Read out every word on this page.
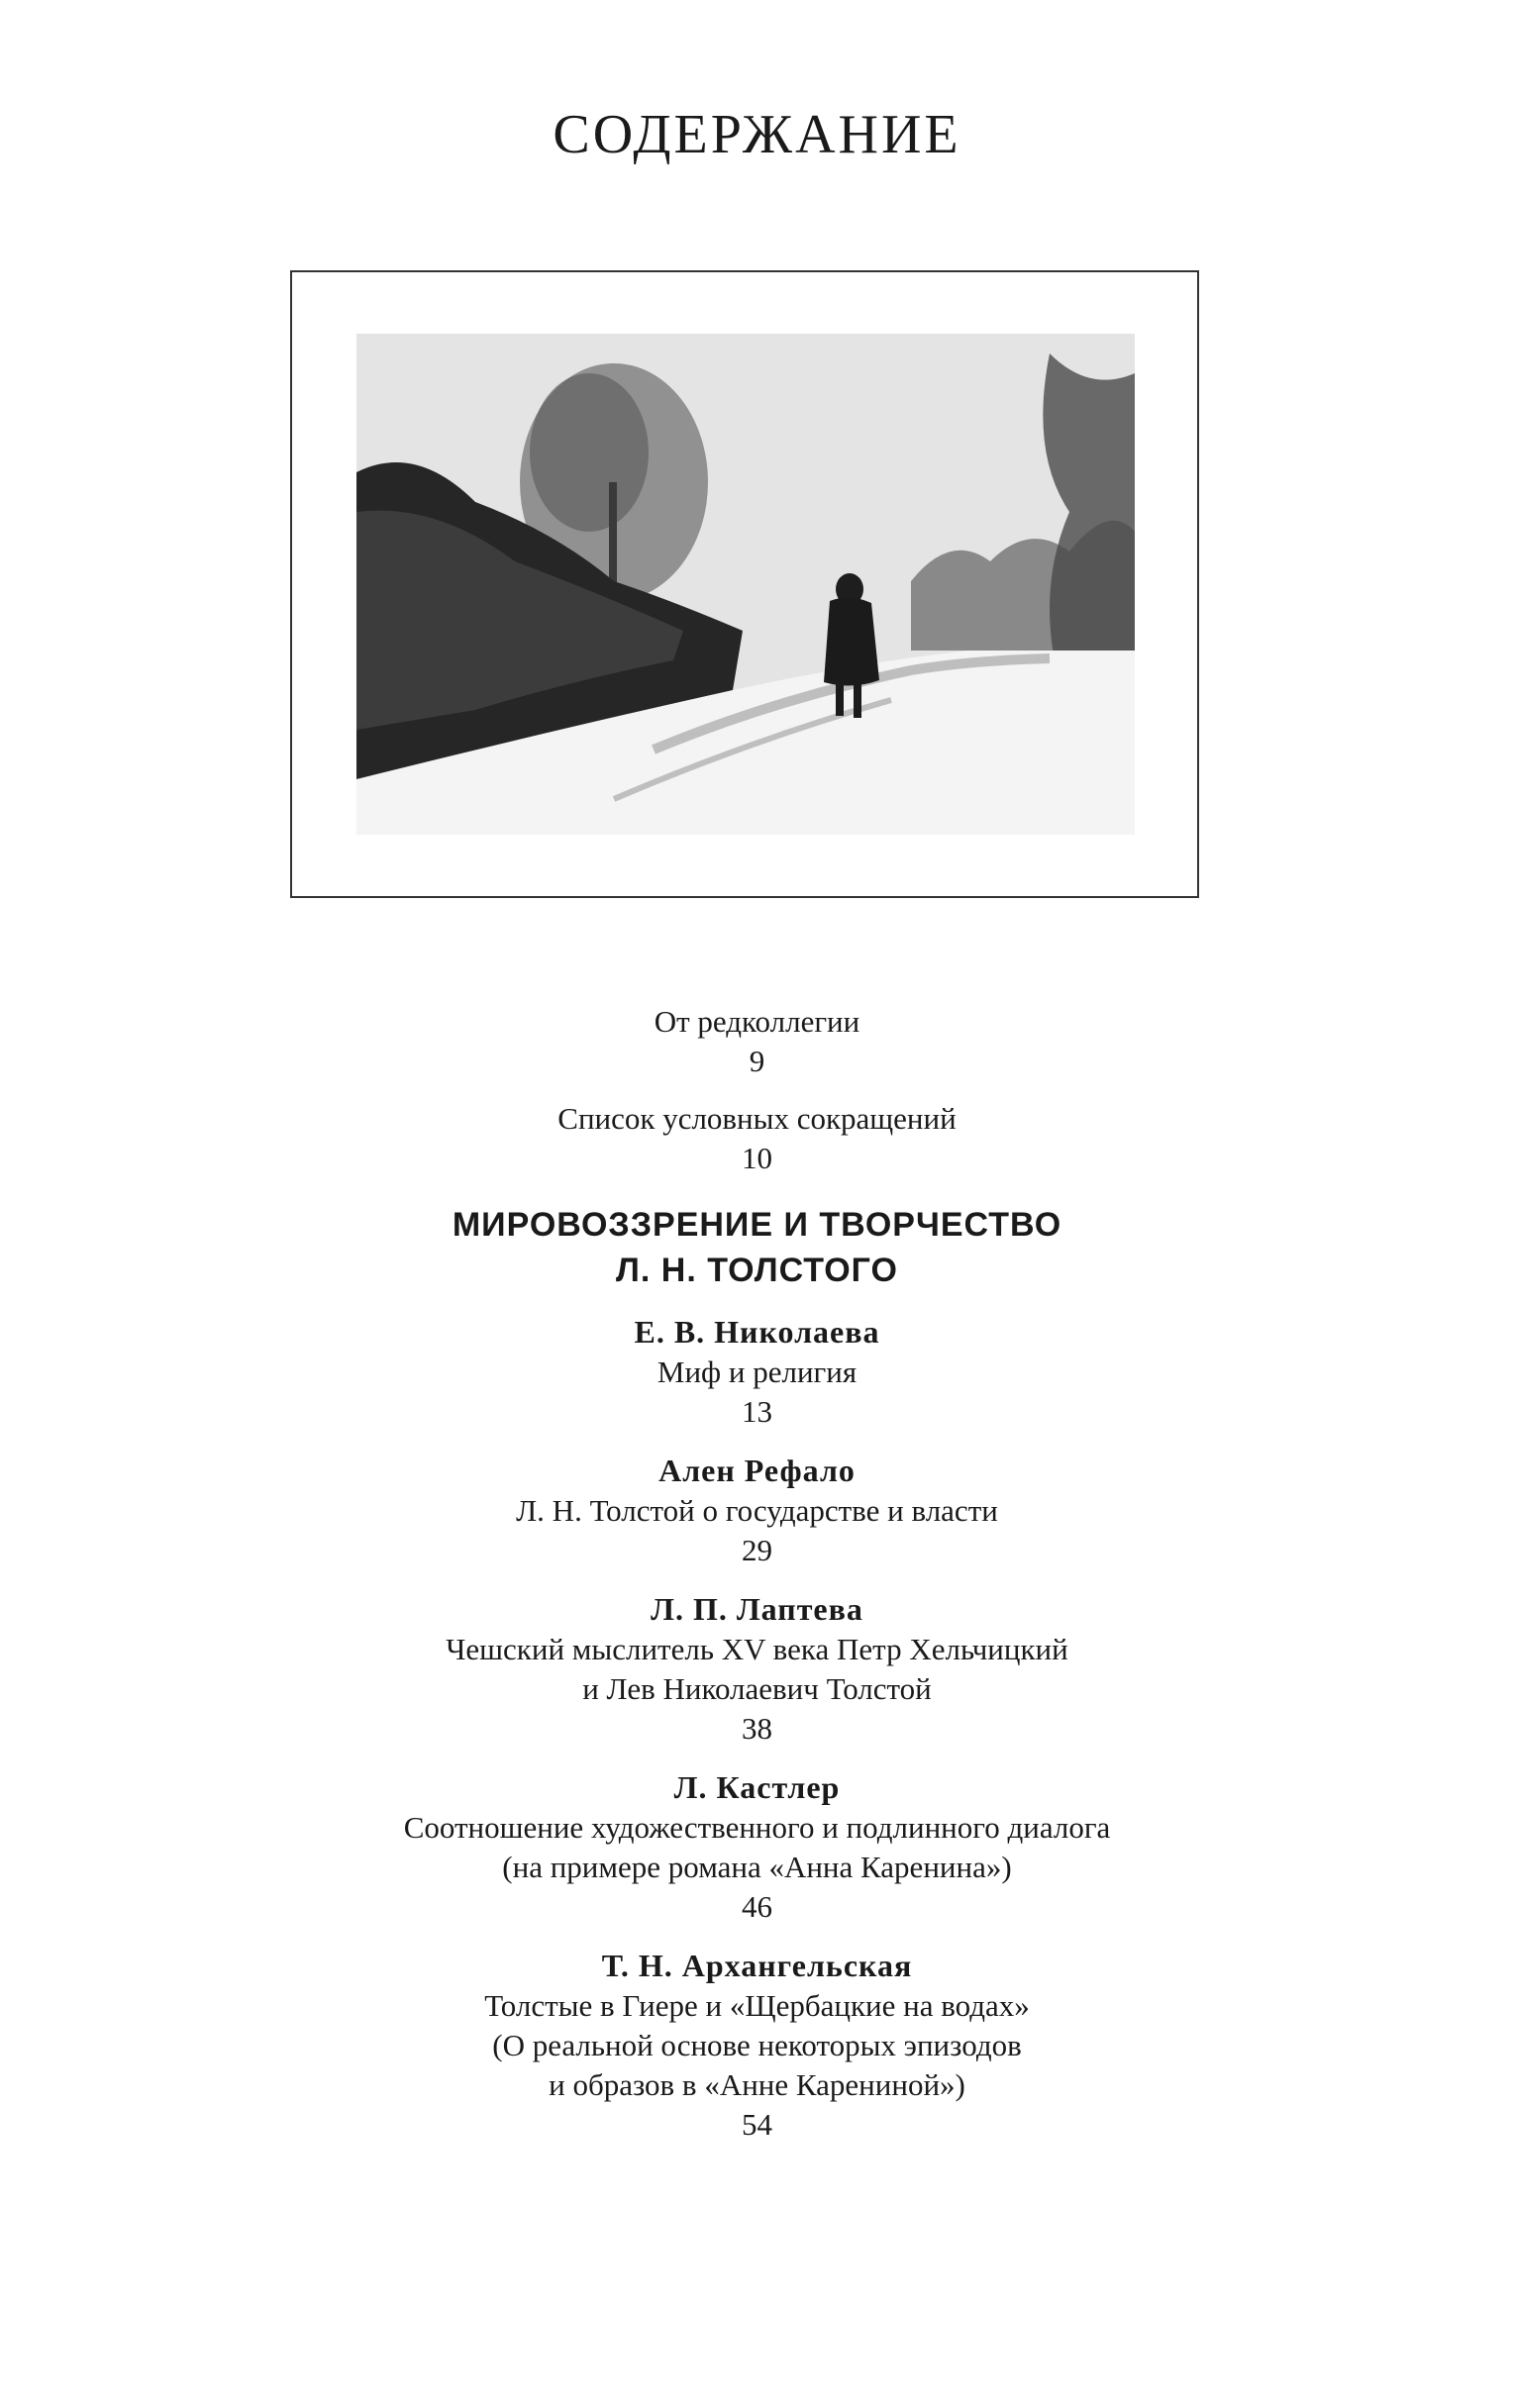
СОДЕРЖАНИЕ
От редколлегии
9
Список условных сокращений
10
МИРОВОЗЗРЕНИЕ И ТВОРЧЕСТВО
Л. Н. ТОЛСТОГО
Е. В. Николаева
Миф и религия
13
Ален Рефало
Л. Н. Толстой о государстве и власти
29
Л. П. Лаптева
Чешский мыслитель XV века Петр Хельчицкий
и Лев Николаевич Толстой
38
Л. Кастлер
Соотношение художественного и подлинного диалога
(на примере романа «Анна Каренина»)
46
Т. Н. Архангельская
Толстые в Гиере и «Щербацкие на водах»
(О реальной основе некоторых эпизодов
и образов в «Анне Карениной»)
54
